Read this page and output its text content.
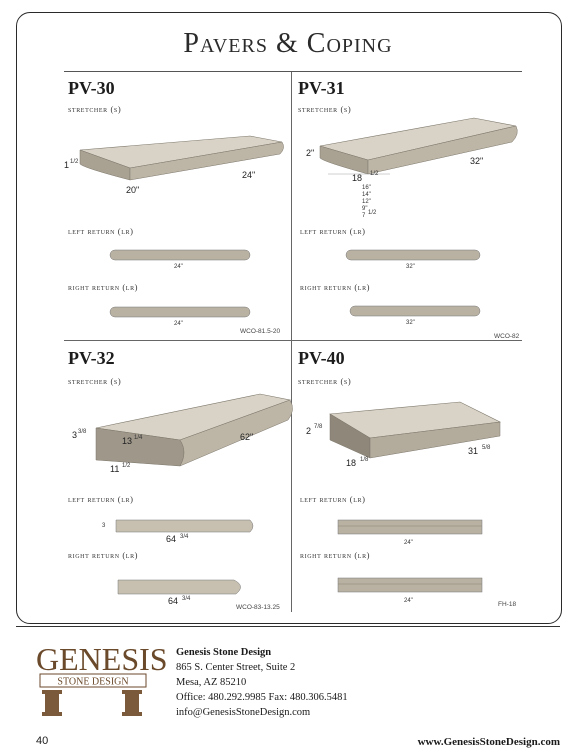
Pavers & Coping
PV-30
stretcher (s)
1 1/2
20"
24"
left return (lr)
24"
right return (lr)
24"
WCO-81.5-20
PV-31
stretcher (s)
2"
32"
18 1/2
16"
14"
12"
9"
7 1/2
left return (lr)
32"
right return (lr)
32"
WCO-82
PV-32
stretcher (s)
3 3/8
13 1/4	62"
11 1/2
left return (lr)
3
64 3/4
right return (lr)
64 3/4
WCO-83-13.25
PV-40
stretcher (s)
2 7/8
18 1/8
31 5/8
left return (lr)
24"
right return (lr)
24"	FH-18
GENESIS
STONE DESIGN
Genesis Stone Design
865 S. Center Street, Suite 2
Mesa, AZ 85210
Office: 480.292.9985 Fax: 480.306.5481
info@GenesisStoneDesign.com
40	www.GenesisStoneDesign.com
